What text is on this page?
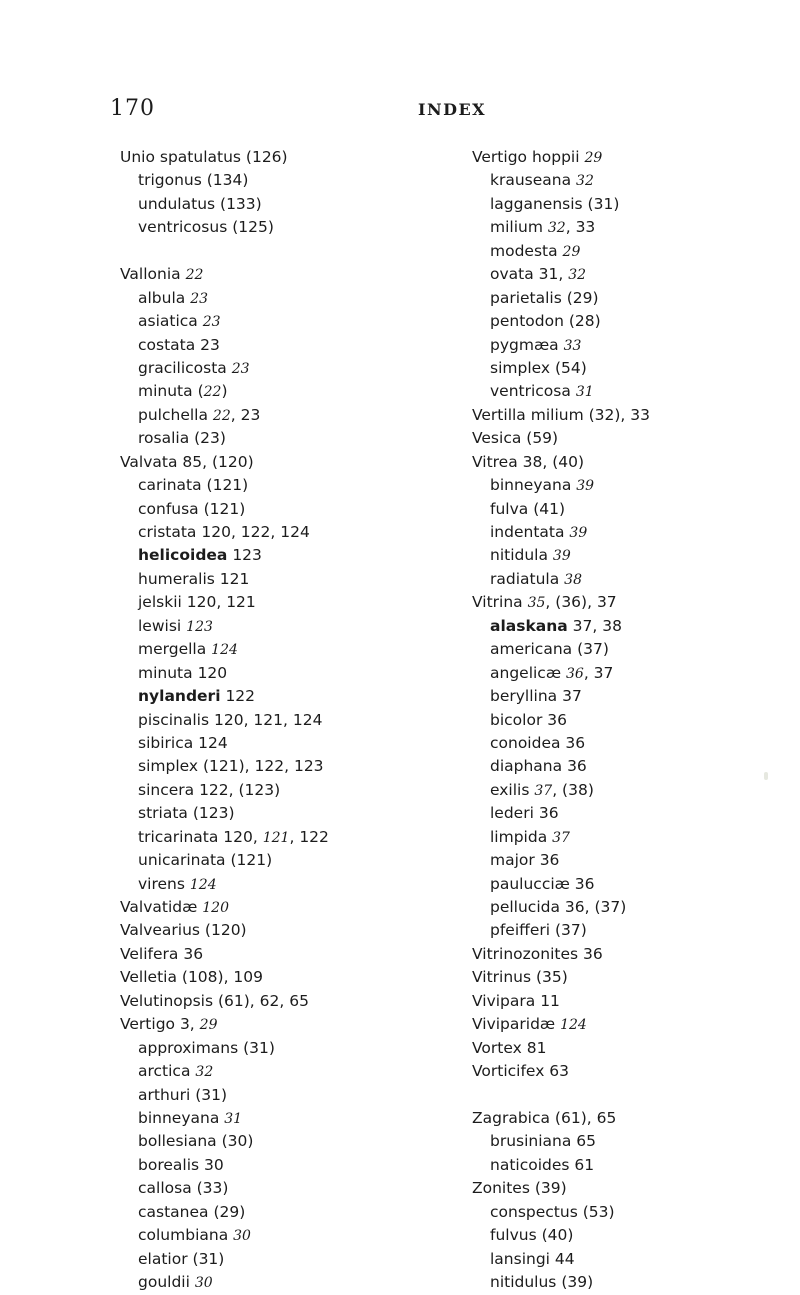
170	INDEX
Unio spatulatus (126)
trigonus (134)
undulatus (133)
ventricosus (125)
Vallonia 22
albula 23
asiatica 23
costata 23
gracilicosta 23
minuta (22)
pulchella 22, 23
rosalia (23)
Valvata 85, (120)
carinata (121)
confusa (121)
cristata 120, 122, 124
helicoidea 123
humeralis 121
jelskii 120, 121
lewisi 123
mergella 124
minuta 120
nylanderi 122
piscinalis 120, 121, 124
sibirica 124
simplex (121), 122, 123
sincera 122, (123)
striata (123)
tricarinata 120, 121, 122
unicarinata (121)
virens 124
Valvatidæ 120
Valvearius (120)
Velifera 36
Velletia (108), 109
Velutinopsis (61), 62, 65
Vertigo 3, 29
approximans (31)
arctica 32
arthuri (31)
binneyana 31
bollesiana (30)
borealis 30
callosa (33)
castanea (29)
columbiana 30
elatior (31)
gouldii 30
Vertigo hoppii 29
krauseana 32
lagganensis (31)
milium 32, 33
modesta 29
ovata 31, 32
parietalis (29)
pentodon (28)
pygmæa 33
simplex (54)
ventricosa 31
Vertilla milium (32), 33
Vesica (59)
Vitrea 38, (40)
binneyana 39
fulva (41)
indentata 39
nitidula 39
radiatula 38
Vitrina 35, (36), 37
alaskana 37, 38
americana (37)
angelicæ 36, 37
beryllina 37
bicolor 36
conoidea 36
diaphana 36
exilis 37, (38)
lederi 36
limpida 37
major 36
paulucciæ 36
pellucida 36, (37)
pfeifferi (37)
Vitrinozonites 36
Vitrinus (35)
Vivipara 11
Viviparidæ 124
Vortex 81
Vorticifex 63
Zagrabica (61), 65
brusiniana 65
naticoides 61
Zonites (39)
conspectus (53)
fulvus (40)
lansingi 44
nitidulus (39)
